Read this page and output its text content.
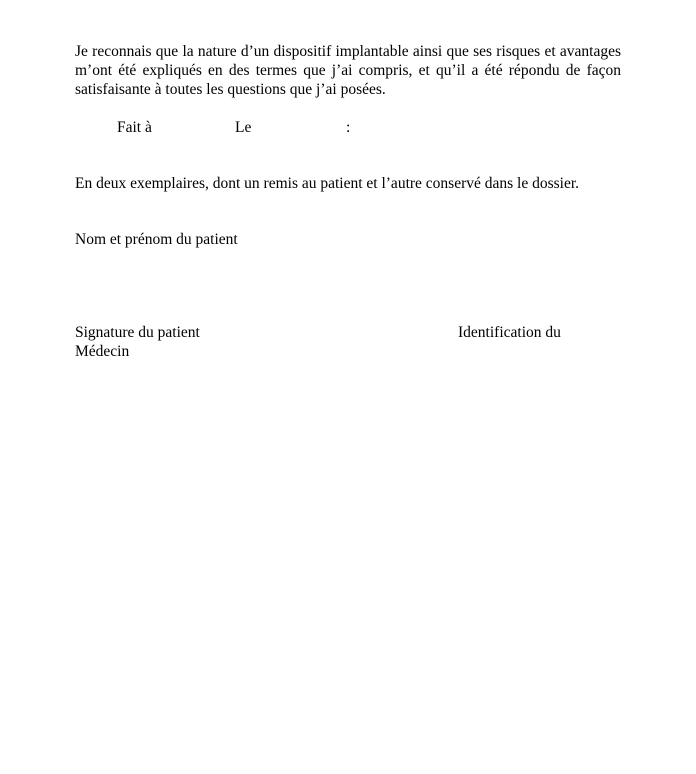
Je reconnais que la nature d’un dispositif implantable ainsi que ses risques et avantages m’ont été expliqués en des termes que j’ai compris, et qu’il a été répondu de façon satisfaisante à toutes les questions que j’ai posées.

Fait à	Le	:
En deux exemplaires, dont un remis au patient et l’autre conservé dans le dossier.
Nom et prénom du patient
Signature du patient	Identification du
Médecin
